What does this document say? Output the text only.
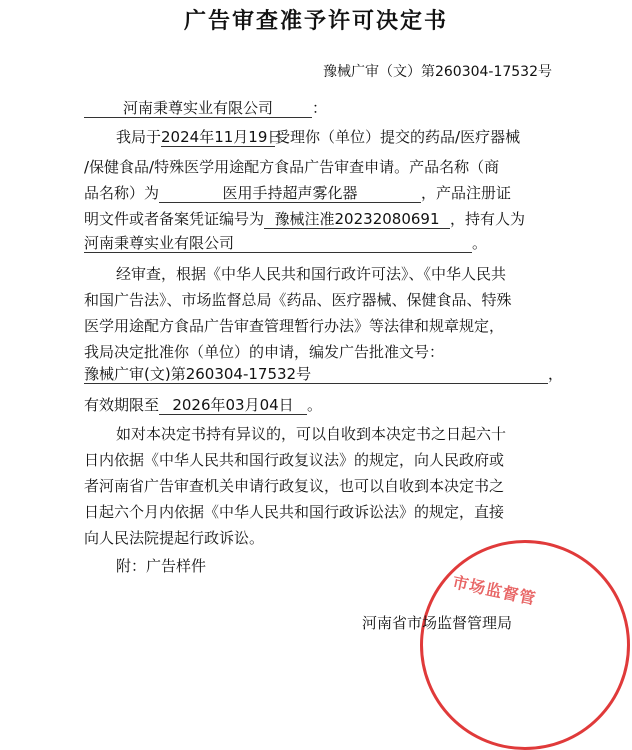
广告审查准予许可决定书
豫械广审（文）第260304-17532号
河南秉尊实业有限公司	：
我局于2024年11月19日受理你（单位）提交的药品/医疗器械
/保健食品/特殊医学用途配方食品广告审查申请。产品名称（商
品名称）为	医用手持超声雾化器	，产品注册证
明文件或者备案凭证编号为 豫械注准20232080691 ，持有人为
河南秉尊实业有限公司	。
经审查，根据《中华人民共和国行政许可法》、《中华人民共
和国广告法》、市场监督总局《药品、医疗器械、保健食品、特殊
医学用途配方食品广告审查管理暂行办法》等法律和规章规定，
我局决定批准你（单位）的申请，编发广告批准文号：
豫械广审(文)第260304-17532号	，
有效期限至 2026年03月04日 。
如对本决定书持有异议的，可以自收到本决定书之日起六十
日内依据《中华人民共和国行政复议法》的规定，向人民政府或
者河南省广告审查机关申请行政复议，也可以自收到本决定书之
日起六个月内依据《中华人民共和国行政诉讼法》的规定，直接
向人民法院提起行政诉讼。
附：广告样件
市场监督管
河南省市场监督管理局
